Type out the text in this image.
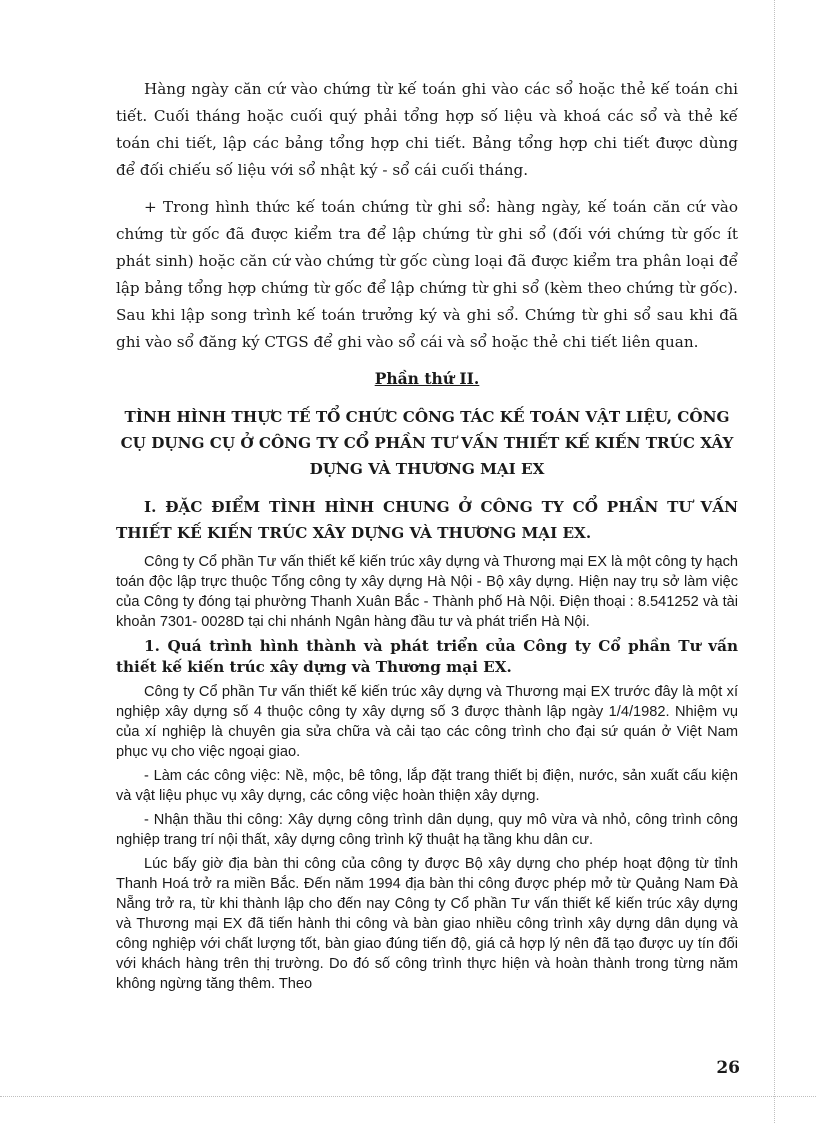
Hàng ngày căn cứ vào chứng từ kế toán ghi vào các sổ hoặc thẻ kế toán chi tiết. Cuối tháng hoặc cuối quý phải tổng hợp số liệu và khoá các sổ và thẻ kế toán chi tiết, lập các bảng tổng hợp chi tiết. Bảng tổng hợp chi tiết được dùng để đối chiếu số liệu với sổ nhật ký - sổ cái cuối tháng.

+ Trong hình thức kế toán chứng từ ghi sổ: hàng ngày, kế toán căn cứ vào chứng từ gốc đã được kiểm tra để lập chứng từ ghi sổ (đối với chứng từ gốc ít phát sinh) hoặc căn cứ vào chứng từ gốc cùng loại đã được kiểm tra phân loại để lập bảng tổng hợp chứng từ gốc để lập chứng từ ghi sổ (kèm theo chứng từ gốc). Sau khi lập song trình kế toán trưởng ký và ghi sổ. Chứng từ ghi sổ sau khi đã ghi vào sổ đăng ký CTGS để ghi vào sổ cái và sổ hoặc thẻ chi tiết liên quan.

Phần thứ II.

TÌNH HÌNH THỰC TẾ TỔ CHỨC CÔNG TÁC KẾ TOÁN VẬT LIỆU, CÔNG CỤ DỤNG CỤ Ở CÔNG TY CỔ PHẦN TƯ VẤN THIẾT KẾ KIẾN TRÚC XÂY DỰNG VÀ THƯƠNG MẠI EX

I. ĐẶC ĐIỂM TÌNH HÌNH CHUNG Ở CÔNG TY CỔ PHẦN TƯ VẤN THIẾT KẾ KIẾN TRÚC XÂY DỰNG VÀ THƯƠNG MẠI EX.

Công ty Cổ phần Tư vấn thiết kế kiến trúc xây dựng và Thương mại EX là một công ty hạch toán độc lập trực thuộc Tổng công ty xây dựng Hà Nội - Bộ xây dựng. Hiện nay trụ sở làm việc của Công ty đóng tại phường Thanh Xuân Bắc - Thành phố Hà Nội. Điện thoại : 8.541252 và tài khoản 7301- 0028D tại chi nhánh Ngân hàng đầu tư và phát triển Hà Nội.

1. Quá trình hình thành và phát triển của Công ty Cổ phần Tư vấn thiết kế kiến trúc xây dựng và Thương mại EX.

Công ty Cổ phần Tư vấn thiết kế kiến trúc xây dựng và Thương mại EX trước đây là một xí nghiệp xây dựng số 4 thuộc công ty xây dựng số 3 được thành lập ngày 1/4/1982. Nhiệm vụ của xí nghiệp là chuyên gia sửa chữa và cải tạo các công trình cho đại sứ quán ở Việt Nam phục vụ cho việc ngoại giao.

- Làm các công việc: Nề, mộc, bê tông, lắp đặt trang thiết bị điện, nước, sản xuất cấu kiện và vật liệu phục vụ xây dựng, các công việc hoàn thiện xây dựng.

- Nhận thầu thi công: Xây dựng công trình dân dụng, quy mô vừa và nhỏ, công trình công nghiệp trang trí nội thất, xây dựng công trình kỹ thuật hạ tầng khu dân cư.

Lúc bấy giờ địa bàn thi công của công ty được Bộ xây dựng cho phép hoạt động từ tỉnh Thanh Hoá trở ra miền Bắc. Đến năm 1994 địa bàn thi công được phép mở từ Quảng Nam Đà Nẵng trở ra, từ khi thành lập cho đến nay Công ty Cổ phần Tư vấn thiết kế kiến trúc xây dựng và Thương mại EX đã tiến hành thi công và bàn giao nhiều công trình xây dựng dân dụng và công nghiệp với chất lượng tốt, bàn giao đúng tiến độ, giá cả hợp lý nên đã tạo được uy tín đối với khách hàng trên thị trường. Do đó số công trình thực hiện và hoàn thành trong từng năm không ngừng tăng thêm. Theo

26
